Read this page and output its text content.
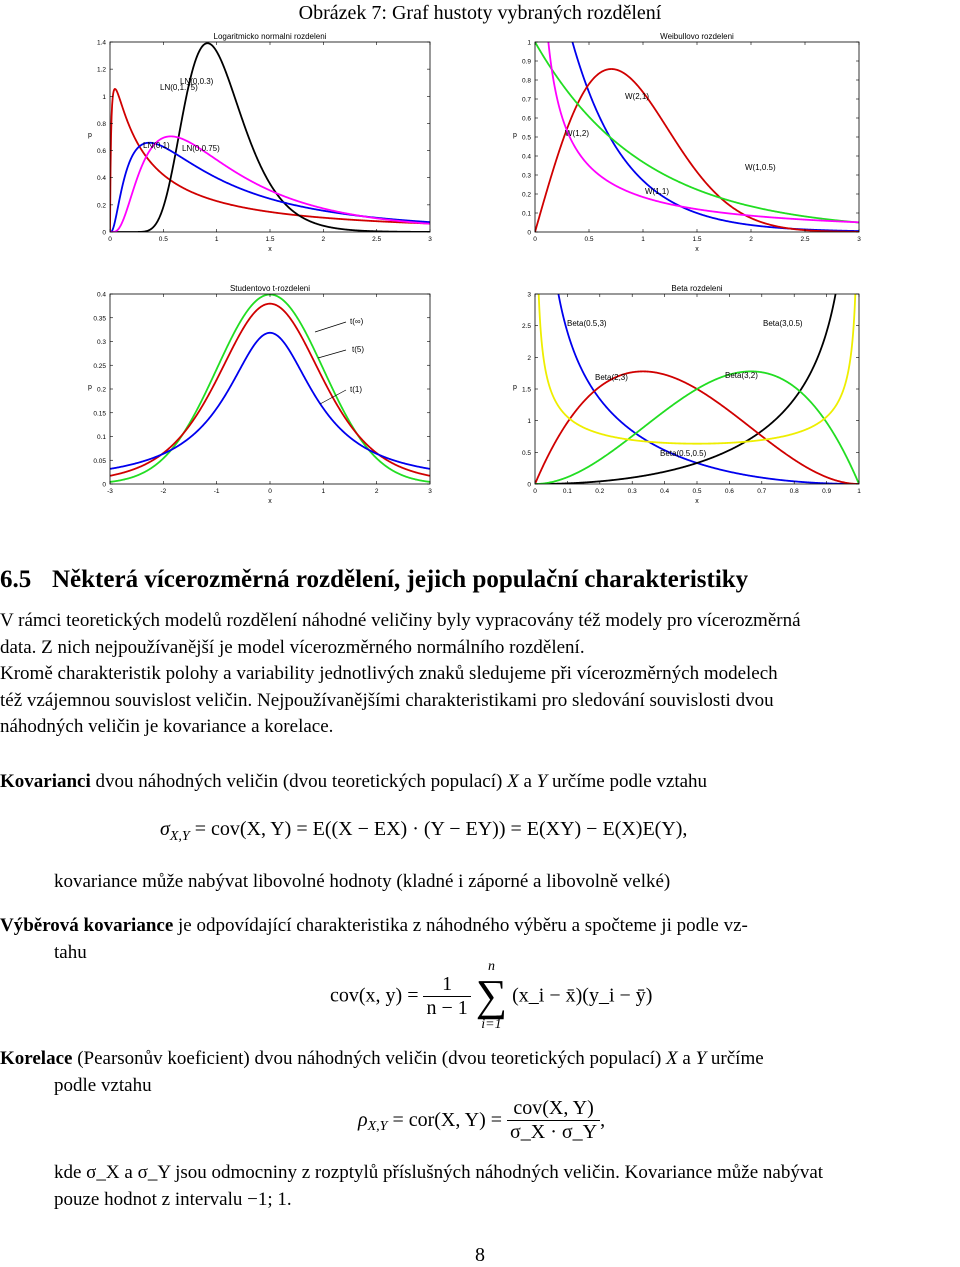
Obrázek 7: Graf hustoty vybraných rozdělení
Logaritmicko normalni rozdeleni
0	0.5	1	1.5	2	2.5	3
0
0.2
0.4
0.6
0.8
1
1.2
1.4
x
p
LN(0,1.75)
LN(0,0.3)
LN(0,1) LN(0,0.75)
Weibullovo rozdeleni
0	0.5	1	1.5	2	2.5	3
0
0.1
0.2
0.3
0.4
0.5
0.6
0.7
0.8
0.9
1
x
p
W(2,1)
W(1,2)
W(1,1)
W(1,0.5)
Studentovo t-rozdeleni
-3	-2	-1	0	1	2	3
0
0.05
0.1
0.15
0.2
0.25
0.3
0.35
0.4
x
p
t(∞)
t(5)
t(1)
Beta rozdeleni
0	0.1	0.2	0.3	0.4	0.5	0.6	0.7	0.8	0.9	1
0
0.5
1
1.5
2
2.5
3
x
p
Beta(0.5,3)	Beta(3,0.5)
Beta(2,3)	Beta(3,2)
Beta(0.5,0.5)
6.5 Některá vícerozměrná rozdělení, jejich populační charakteristiky
V rámci teoretických modelů rozdělení náhodné veličiny byly vypracovány též modely pro vícerozměrná
data. Z nich nejpoužívanější je model vícerozměrného normálního rozdělení.
Kromě charakteristik polohy a variability jednotlivých znaků sledujeme při vícerozměrných modelech
též vzájemnou souvislost veličin. Nejpoužívanějšími charakteristikami pro sledování souvislosti dvou
náhodných veličin je kovariance a korelace.
Kovarianci dvou náhodných veličin (dvou teoretických populací) X a Y určíme podle vztahu
$\sigma_{X,Y} = cov(X$, Y) = E((X − EX) · (Y − EY)) = E(XY) − E(X)E(Y),
kovariance může nabývat libovolné hodnoty (kladné i záporné a libovolně velké)
Výběrová kovariance je odpovídající charakteristika z náhodného výběru a spočteme ji podle vz-
tahu
cov(x, $y) = \frac{1}{n - 1}$

n
∑
i=1
(x_i − x̄)(y_i − ȳ)
Korelace (Pearsonův koeficient) dvou náhodných veličin (dvou teoretických populací) X a Y určíme
podle vztahu
$\rho_{X,Y} = cor(X$, $Y) = \frac{\text{cov(X, Y)}}{\sigma\_X \cdot \sigma\_Y}$ ,
kde σ_X a σ_Y jsou odmocniny z rozptylů příslušných náhodných veličin. Kovariance může nabývat
pouze hodnot z intervalu −1; 1.
8
